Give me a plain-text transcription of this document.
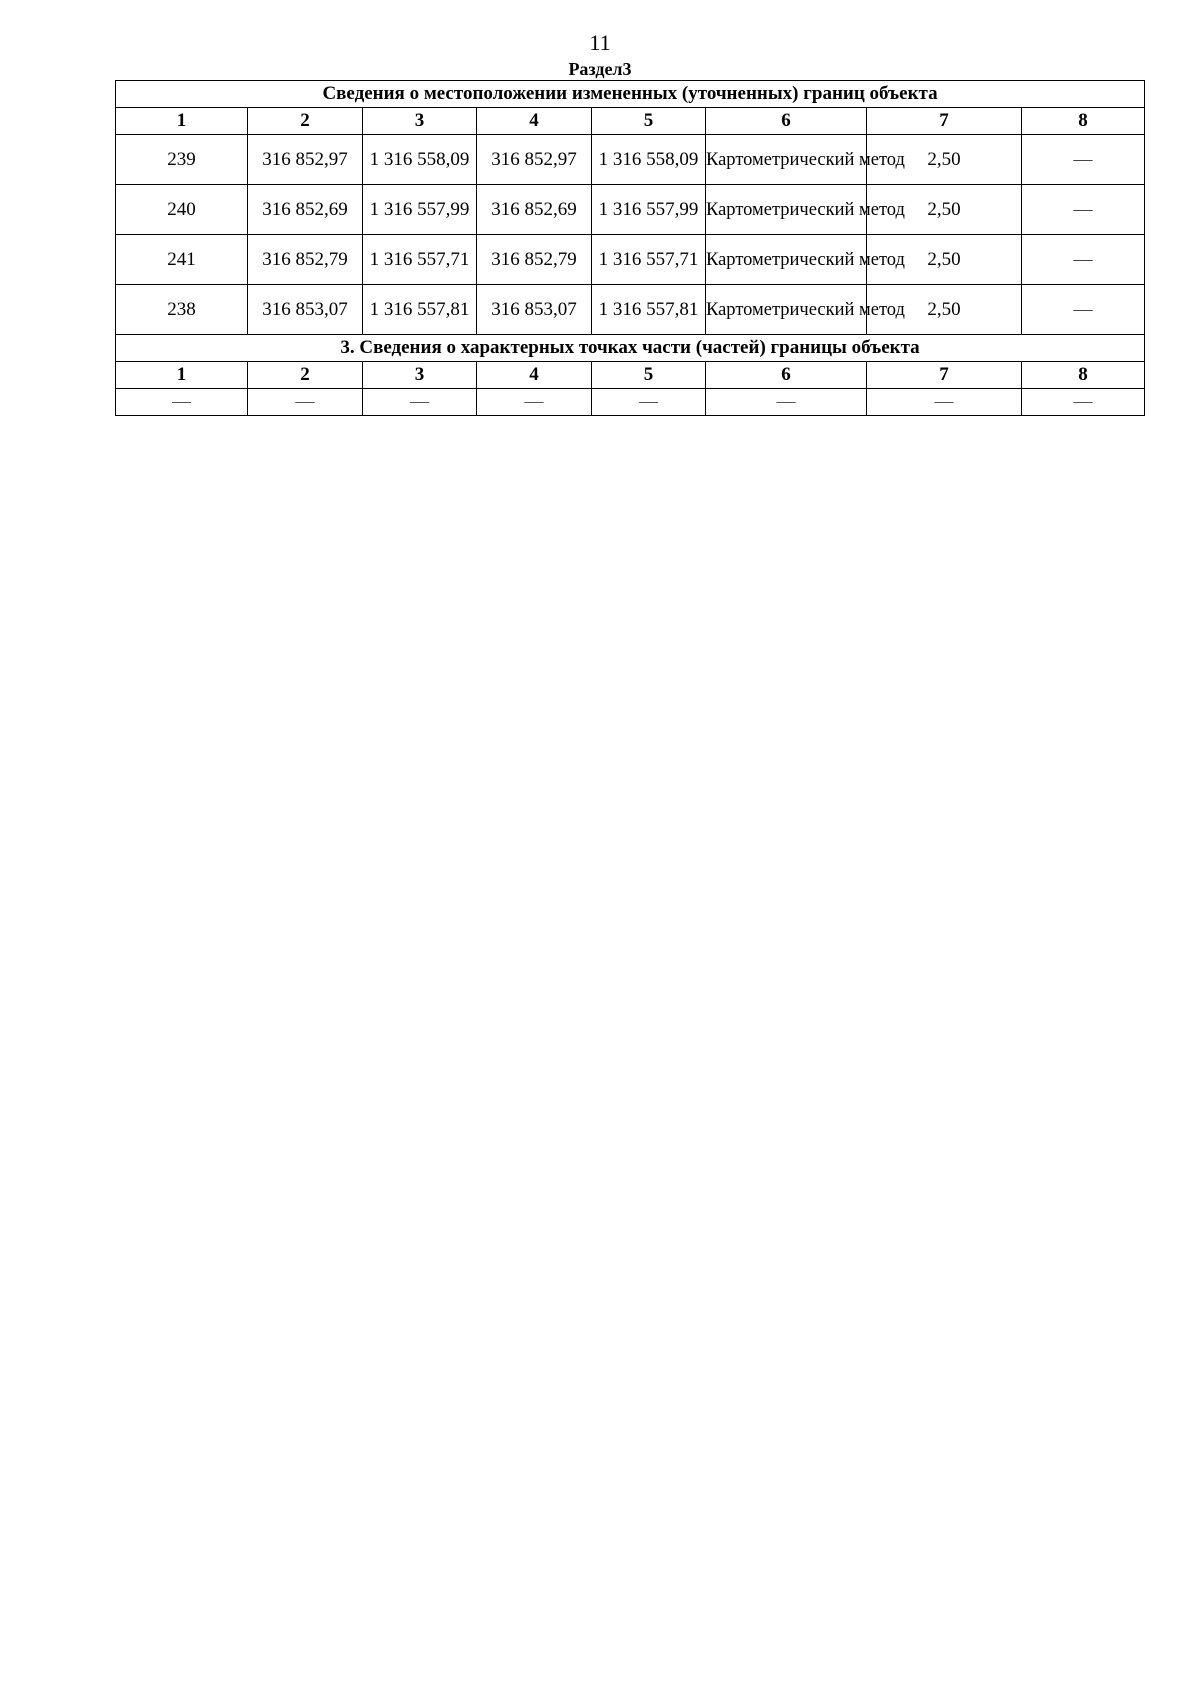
11
Раздел3
Сведения о местоположении измененных (уточненных) границ объекта							
1	2	3	4	5	6	7	8
239	316 852,97	1 316 558,09	316 852,97	1 316 558,09	Картометрический метод	2,50	—
240	316 852,69	1 316 557,99	316 852,69	1 316 557,99	Картометрический метод	2,50	—
241	316 852,79	1 316 557,71	316 852,79	1 316 557,71	Картометрический метод	2,50	—
238	316 853,07	1 316 557,81	316 853,07	1 316 557,81	Картометрический метод	2,50	—
3. Сведения о характерных точках части (частей) границы объекта							
1	2	3	4	5	6	7	8
—	—	—	—	—	—	—	—
